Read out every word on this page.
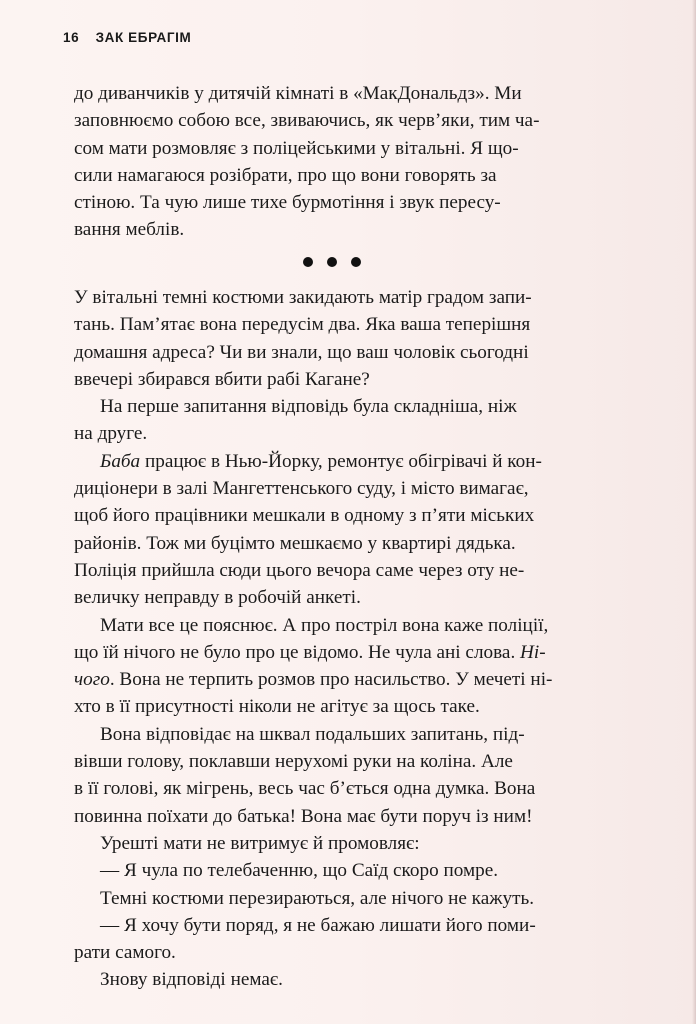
16 ЗАК ЕБРАГІМ
до диванчиків у дитячій кімнаті в «МакДональдз». Ми
заповнюємо собою все, звиваючись, як черв’яки, тим ча-
сом мати розмовляє з поліцейськими у вітальні. Я що-
сили намагаюся розібрати, про що вони говорять за
стіною. Та чую лише тихе бурмотіння і звук пересу-
вання меблів.
У вітальні темні костюми закидають матір градом запи-
тань. Пам’ятає вона передусім два. Яка ваша теперішня
домашня адреса? Чи ви знали, що ваш чоловік сьогодні
ввечері збирався вбити рабі Кагане?
На перше запитання відповідь була складніша, ніж
на друге.
Баба працює в Нью-Йорку, ремонтує обігрівачі й кон-
диціонери в залі Мангеттенського суду, і місто вимагає,
щоб його працівники мешкали в одному з п’яти міських
районів. Тож ми буцімто мешкаємо у квартирі дядька.
Поліція прийшла сюди цього вечора саме через оту не-
величку неправду в робочій анкеті.
Мати все це пояснює. А про постріл вона каже поліції,
що їй нічого не було про це відомо. Не чула ані слова. Ні-
чого. Вона не терпить розмов про насильство. У мечеті ні-
хто в її присутності ніколи не агітує за щось таке.
Вона відповідає на шквал подальших запитань, під-
вівши голову, поклавши нерухомі руки на коліна. Але
в її голові, як мігрень, весь час б’ється одна думка. Вона
повинна поїхати до батька! Вона має бути поруч із ним!
Урешті мати не витримує й промовляє:
— Я чула по телебаченню, що Саїд скоро помре.
Темні костюми перезираються, але нічого не кажуть.
— Я хочу бути поряд, я не бажаю лишати його поми-
рати самого.
Знову відповіді немає.
